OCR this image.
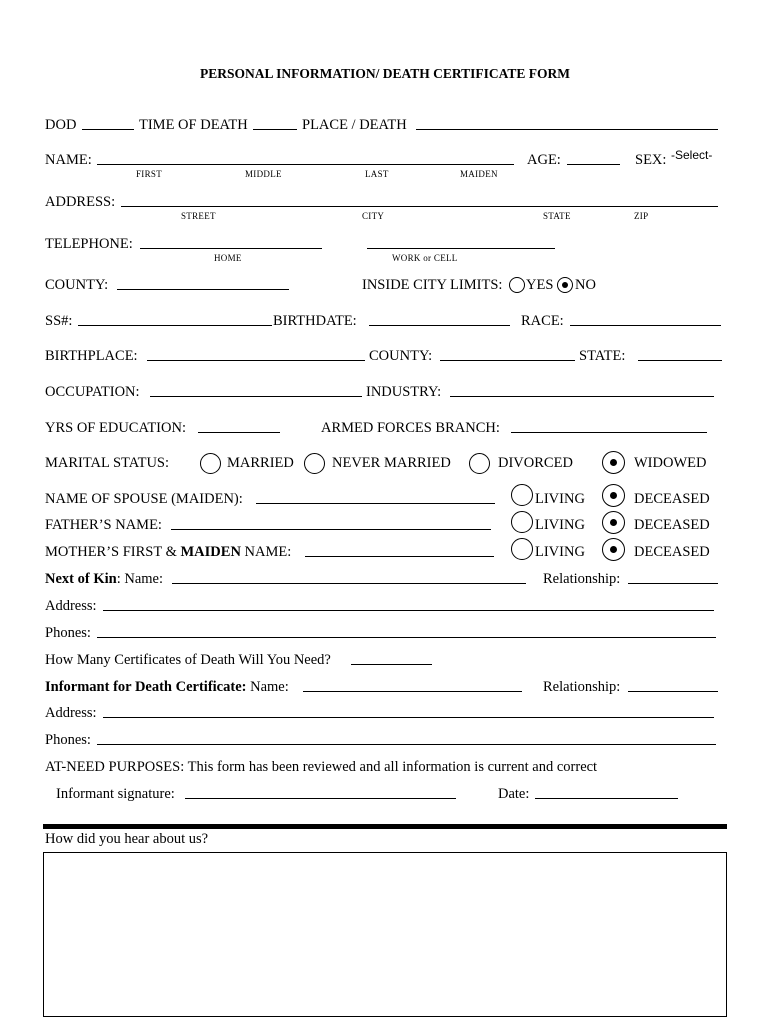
PERSONAL INFORMATION/ DEATH CERTIFICATE FORM
DOD	TIME OF DEATH	PLACE / DEATH
NAME:
FIRST	MIDDLE	LAST	MAIDEN
AGE:	SEX: -Select-
ADDRESS:
STREET	CITY	STATE	ZIP
TELEPHONE:
HOME	WORK or CELL
COUNTY:	INSIDE CITY LIMITS: YES NO
SS#:	BIRTHDATE:	RACE:
BIRTHPLACE:	COUNTY:	STATE:
OCCUPATION:	INDUSTRY:
YRS OF EDUCATION:	ARMED FORCES BRANCH:
MARITAL STATUS:	MARRIED	NEVER MARRIED	DIVORCED	WIDOWED
NAME OF SPOUSE (MAIDEN):	LIVING	DECEASED
FATHER’S NAME:	LIVING	DECEASED
MOTHER’S FIRST & MAIDEN NAME:	LIVING	DECEASED
Next of Kin: Name:	Relationship:
Address:
Phones:
How Many Certificates of Death Will You Need?
Informant for Death Certificate: Name:	Relationship:
Address:
Phones:
AT-NEED PURPOSES: This form has been reviewed and all information is current and correct
Informant signature:	Date:
How did you hear about us?
